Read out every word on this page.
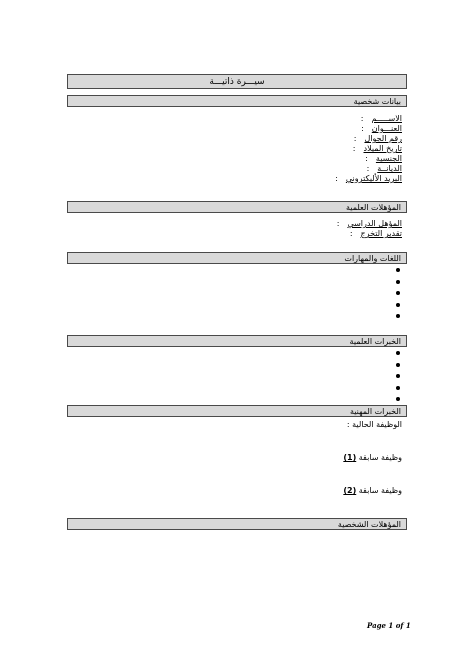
سيـــرة ذاتيـــة
بيانات شخصية
الاســـــم:
العنـــوان:
رقم الجوال:
تاريخ الميلاد:
الجنسية:
الديانــة:
البريد الأليكتروني:
المؤهلات العلمية
المؤهل الدراسي:
تقدير التخرج:
اللغات والمهارات
الخبرات العلمية
الخبرات المهنية
الوظيفة الحالية :
وظيفة سابقة (1)
وظيفة سابقة (2)
المؤهلات الشخصية
Page 1 of 1
